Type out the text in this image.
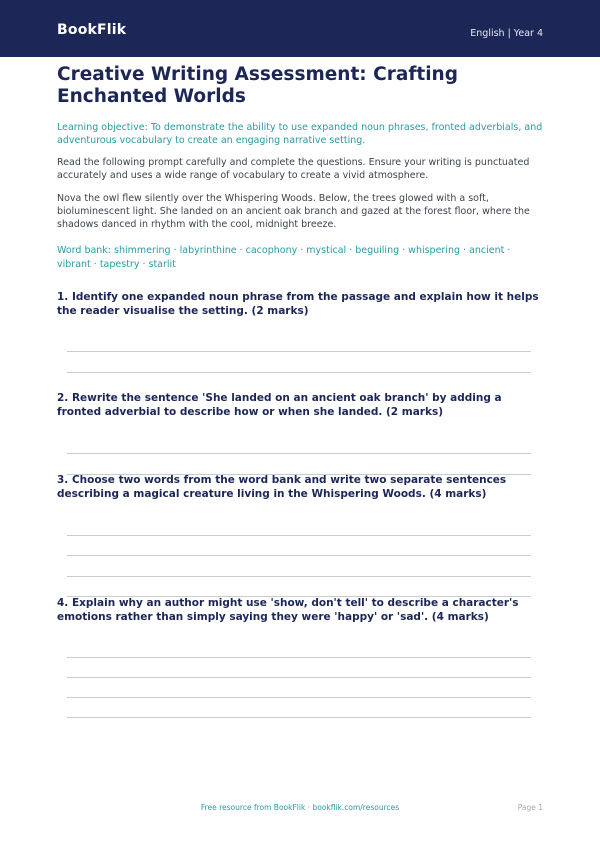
BookFlik	English | Year 4
Creative Writing Assessment: Crafting Enchanted Worlds
Learning objective: To demonstrate the ability to use expanded noun phrases, fronted adverbials, and adventurous vocabulary to create an engaging narrative setting.
Read the following prompt carefully and complete the questions. Ensure your writing is punctuated accurately and uses a wide range of vocabulary to create a vivid atmosphere.
Nova the owl flew silently over the Whispering Woods. Below, the trees glowed with a soft, bioluminescent light. She landed on an ancient oak branch and gazed at the forest floor, where the shadows danced in rhythm with the cool, midnight breeze.
Word bank: shimmering · labyrinthine · cacophony · mystical · beguiling · whispering · ancient · vibrant · tapestry · starlit
1. Identify one expanded noun phrase from the passage and explain how it helps the reader visualise the setting. (2 marks)
2. Rewrite the sentence 'She landed on an ancient oak branch' by adding a fronted adverbial to describe how or when she landed. (2 marks)
3. Choose two words from the word bank and write two separate sentences describing a magical creature living in the Whispering Woods. (4 marks)
4. Explain why an author might use 'show, don't tell' to describe a character's emotions rather than simply saying they were 'happy' or 'sad'. (4 marks)
Free resource from BookFlik · bookflik.com/resources	Page 1
